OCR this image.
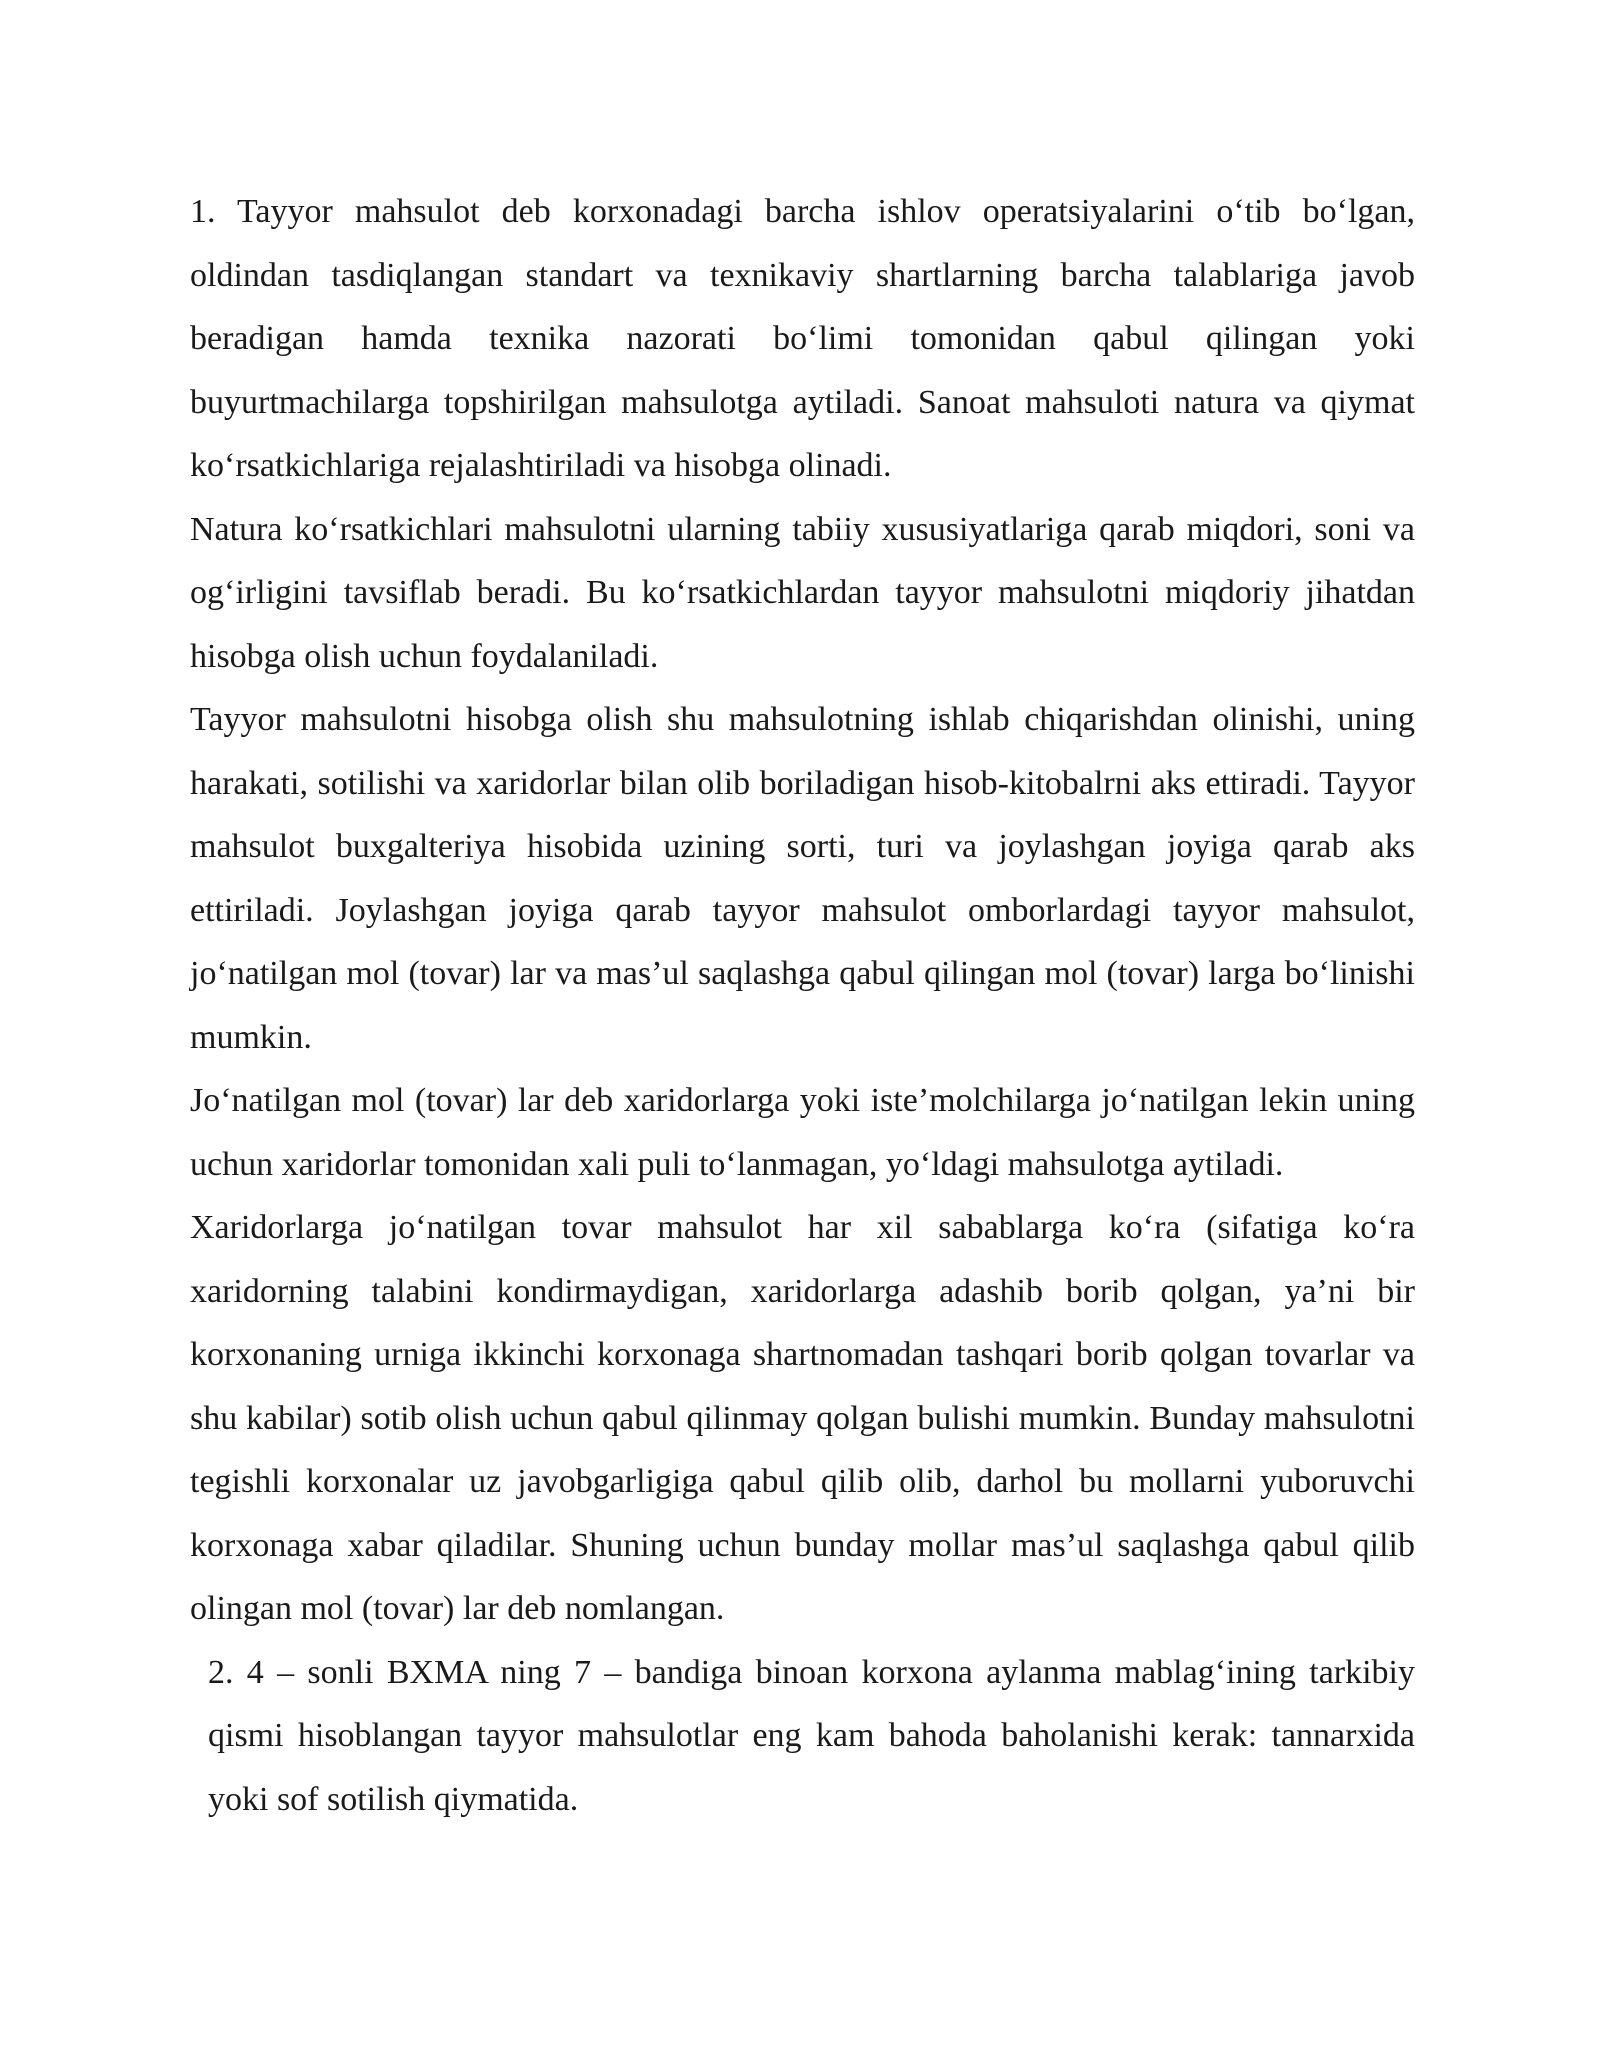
1. Tayyor mahsulot deb korxonadagi barcha ishlov operatsiyalarini o‘tib bo‘lgan, oldindan tasdiqlangan standart va texnikaviy shartlarning barcha talablariga javob beradigan hamda texnika nazorati bo‘limi tomonidan qabul qilingan yoki buyurtmachilarga topshirilgan mahsulotga aytiladi. Sanoat mahsuloti natura va qiymat ko‘rsatkichlariga rejalashtiriladi va hisobga olinadi.

Natura ko‘rsatkichlari mahsulotni ularning tabiiy xususiyatlariga qarab miqdori, soni va og‘irligini tavsiflab beradi. Bu ko‘rsatkichlardan tayyor mahsulotni miqdoriy jihatdan hisobga olish uchun foydalaniladi.

Tayyor mahsulotni hisobga olish shu mahsulotning ishlab chiqarishdan olinishi, uning harakati, sotilishi va xaridorlar bilan olib boriladigan hisob-kitobalrni aks ettiradi. Tayyor mahsulot buxgalteriya hisobida uzining sorti, turi va joylashgan joyiga qarab aks ettiriladi. Joylashgan joyiga qarab tayyor mahsulot omborlardagi tayyor mahsulot, jo‘natilgan mol (tovar) lar va mas’ul saqlashga qabul qilingan mol (tovar) larga bo‘linishi mumkin.

Jo‘natilgan mol (tovar) lar deb xaridorlarga yoki iste’molchilarga jo‘natilgan lekin uning uchun xaridorlar tomonidan xali puli to‘lanmagan, yo‘ldagi mahsulotga aytiladi.

Xaridorlarga jo‘natilgan tovar mahsulot har xil sabablarga ko‘ra (sifatiga ko‘ra xaridorning talabini kondirmaydigan, xaridorlarga adashib borib qolgan, ya’ni bir korxonaning urniga ikkinchi korxonaga shartnomadan tashqari borib qolgan tovarlar va shu kabilar) sotib olish uchun qabul qilinmay qolgan bulishi mumkin. Bunday mahsulotni tegishli korxonalar uz javobgarligiga qabul qilib olib, darhol bu mollarni yuboruvchi korxonaga xabar qiladilar. Shuning uchun bunday mollar mas’ul saqlashga qabul qilib olingan mol (tovar) lar deb nomlangan.

2. 4 – sonli BXMA ning 7 – bandiga binoan korxona aylanma mablag‘ining tarkibiy qismi hisoblangan tayyor mahsulotlar eng kam bahoda baholanishi kerak: tannarxida yoki sof sotilish qiymatida.
